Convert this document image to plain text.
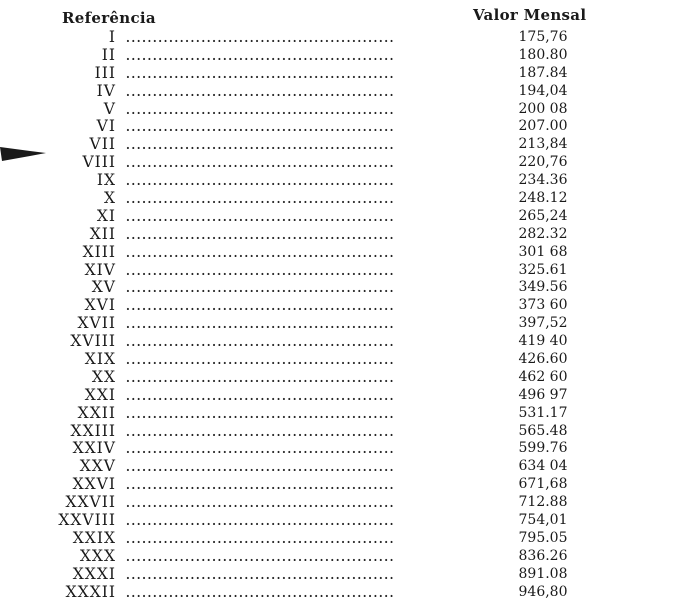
Referência	Valor Mensal
I ..................................................	175,76
II ..................................................	180.80
III ..................................................	187.84
IV ..................................................	194,04
V ..................................................	200 08
VI ..................................................	207.00
VII ..................................................	213,84
VIII ..................................................	220,76
IX ..................................................	234.36
X ..................................................	248.12
XI ..................................................	265,24
XII ..................................................	282.32
XIII ..................................................	301 68
XIV ..................................................	325.61
XV ..................................................	349.56
XVI ..................................................	373 60
XVII ..................................................	397,52
XVIII ..................................................	419 40
XIX ..................................................	426.60
XX ..................................................	462 60
XXI ..................................................	496 97
XXII ..................................................	531.17
XXIII ..................................................	565.48
XXIV ..................................................	599.76
XXV ..................................................	634 04
XXVI ..................................................	671,68
XXVII ..................................................	712.88
XXVIII ..................................................	754,01
XXIX ..................................................	795.05
XXX ..................................................	836.26
XXXI ..................................................	891.08
XXXII ..................................................	946,80
